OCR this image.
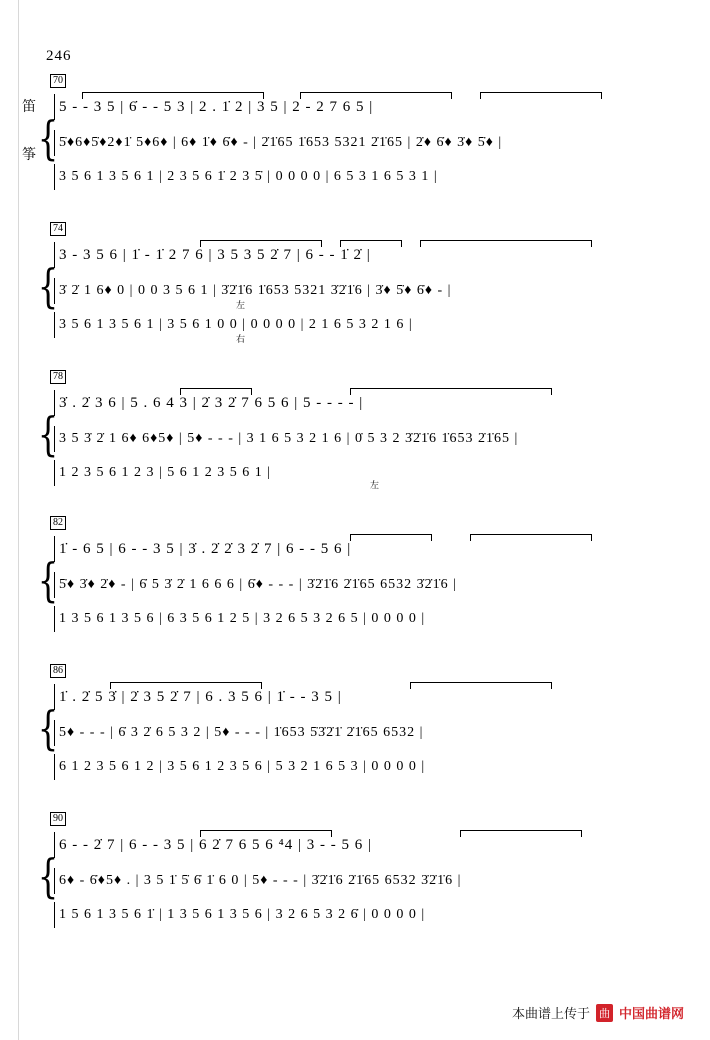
246
70
笛 5 - - 3 5 | 6̇ - - 5 3 | 2 . 1̇ 2 | 3 5 | 2 - 2 7 6 5 |
{
筝
5̇♦6♦5̇♦2♦1̇ 5♦6♦ | 6♦ 1̇♦ 6̇♦ - | 2̇1̇65 1̇653 5321 2̇1̇65 | 2̇♦ 6̇♦ 3̇♦ 5̇♦ |
3 5 6 1 3 5 6 1 | 2 3 5 6 1̇ 2 3 5̇ | 0 0 0 0 | 6 5 3 1 6 5 3 1 |
74
3 - 3 5 6 | 1̇ - 1̇ 2 7 6 | 3 5 3 5 2̇ 7 | 6 - - 1̇ 2̇ |
{ 3̇ 2̇ 1 6♦ 0 | 0 0 3 5 6 1 | 3̇2̇1̇6 1̇653 5321 3̇2̇1̇6 | 3̇♦ 5̇♦ 6̇♦ - |
左
3 5 6 1 3 5 6 1 | 3 5 6 1 0 0 | 0 0 0 0 | 2 1 6 5 3 2 1 6 |
右
78
3̇ . 2̇ 3 6 | 5 . 6 4 3 | 2̇ 3 2̇ 7 6 5 6 | 5 - - - - |
{ 3 5 3̇ 2̇ 1 6♦ 6♦5♦ | 5♦ - - - | 3 1 6 5 3 2 1 6 | 0̇ 5 3 2 3̇2̇1̇6 1̇653 2̇1̇65 |
1 2 3 5 6 1 2 3 | 5 6 1 2 3 5 6 1 |
左
82
1̇ - 6 5 | 6 - - 3 5 | 3̇ . 2̇ 2̇ 3 2̇ 7 | 6 - - 5 6 |
{ 5̇♦ 3̇♦ 2̇♦ - | 6̇ 5 3̇ 2̇ 1 6 6 6 | 6̇♦ - - - | 3̇2̇1̇6 2̇1̇65 6532 3̇2̇1̇6 |
1 3 5 6 1 3 5 6 | 6 3 5 6 1 2 5 | 3 2 6 5 3 2 6 5 | 0 0 0 0 |
86
1̇ . 2̇ 5 3̇ | 2̇ 3 5 2̇ 7 | 6 . 3 5 6 | 1̇ - - 3 5 |
{ 5♦ - - - | 6̇ 3 2̇ 6 5 3 2 | 5♦ - - - | 1̇653 5̇3̇2̇1̇ 2̇1̇65 6532 |
6 1 2 3 5 6 1 2 | 3 5 6 1 2 3 5 6 | 5 3 2 1 6 5 3 | 0 0 0 0 |
90
6 - - 2̇ 7 | 6 - - 3 5 | 6 2̇ 7 6 5 6 ⁴4 | 3 - - 5 6 |
{ 6♦ - 6̇♦5♦ . | 3 5 1̇ 5̇ 6̇ 1̇ 6 0 | 5♦ - - - | 3̇2̇1̇6 2̇1̇65 6532 3̇2̇1̇6 |
1 5 6 1 3 5 6 1̇ | 1 3 5 6 1 3 5 6 | 3 2 6 5 3 2 6̇ | 0 0 0 0 |
本曲谱上传于 曲 中国曲谱网
